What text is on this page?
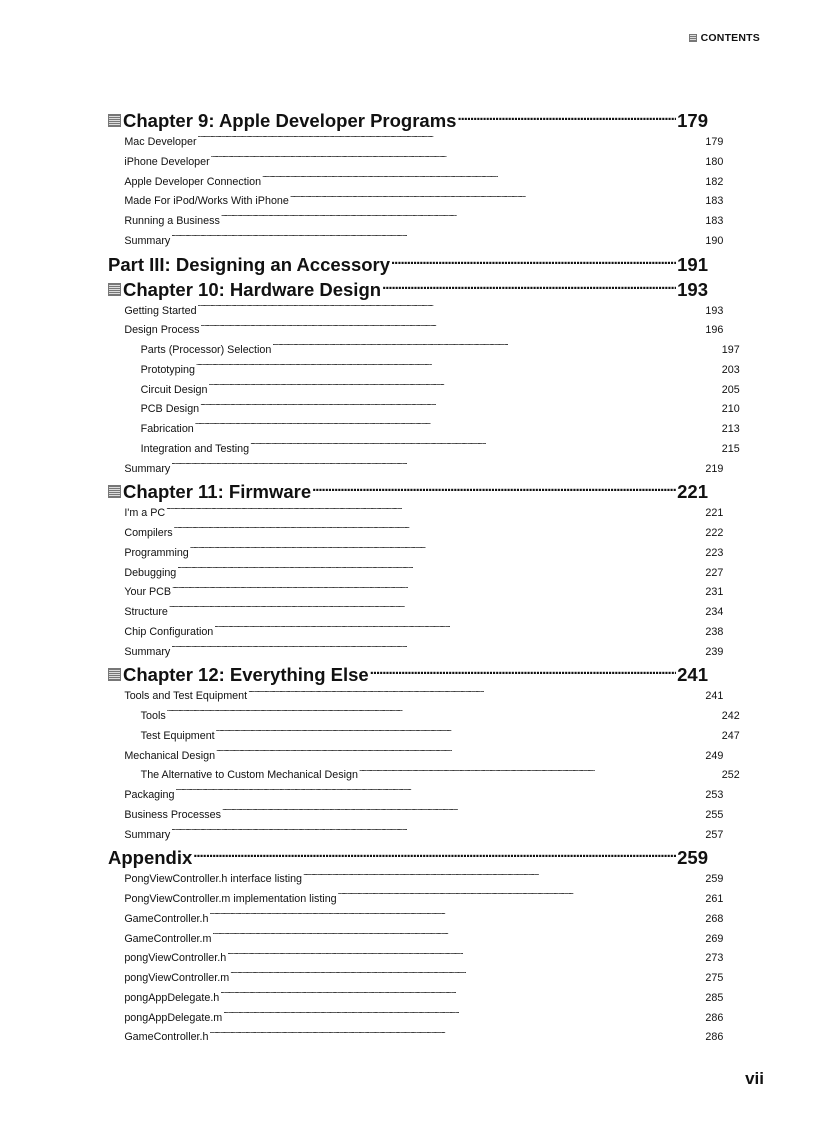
CONTENTS
Chapter 9: Apple Developer Programs . . .	179
Mac Developer . . .	179
iPhone Developer . . .	180
Apple Developer Connection . . .	182
Made For iPod/Works With iPhone . . .	183
Running a Business . . .	183
Summary . . .	190
Part III: Designing an Accessory . . .	191
Chapter 10: Hardware Design . . .	193
Getting Started . . .	193
Design Process . . .	196
Parts (Processor) Selection . . .	197
Prototyping . . .	203
Circuit Design . . .	205
PCB Design . . .	210
Fabrication . . .	213
Integration and Testing . . .	215
Summary . . .	219
Chapter 11: Firmware . . .	221
I'm a PC . . .	221
Compilers . . .	222
Programming . . .	223
Debugging . . .	227
Your PCB . . .	231
Structure . . .	234
Chip Configuration . . .	238
Summary . . .	239
Chapter 12: Everything Else . . .	241
Tools and Test Equipment . . .	241
Tools . . .	242
Test Equipment . . .	247
Mechanical Design . . .	249
The Alternative to Custom Mechanical Design . . .	252
Packaging . . .	253
Business Processes . . .	255
Summary . . .	257
Appendix . . .	259
PongViewController.h interface listing . . .	259
PongViewController.m implementation listing . . .	261
GameController.h . . .	268
GameController.m . . .	269
pongViewController.h . . .	273
pongViewController.m . . .	275
pongAppDelegate.h . . .	285
pongAppDelegate.m . . .	286
GameController.h . . .	286
vii
